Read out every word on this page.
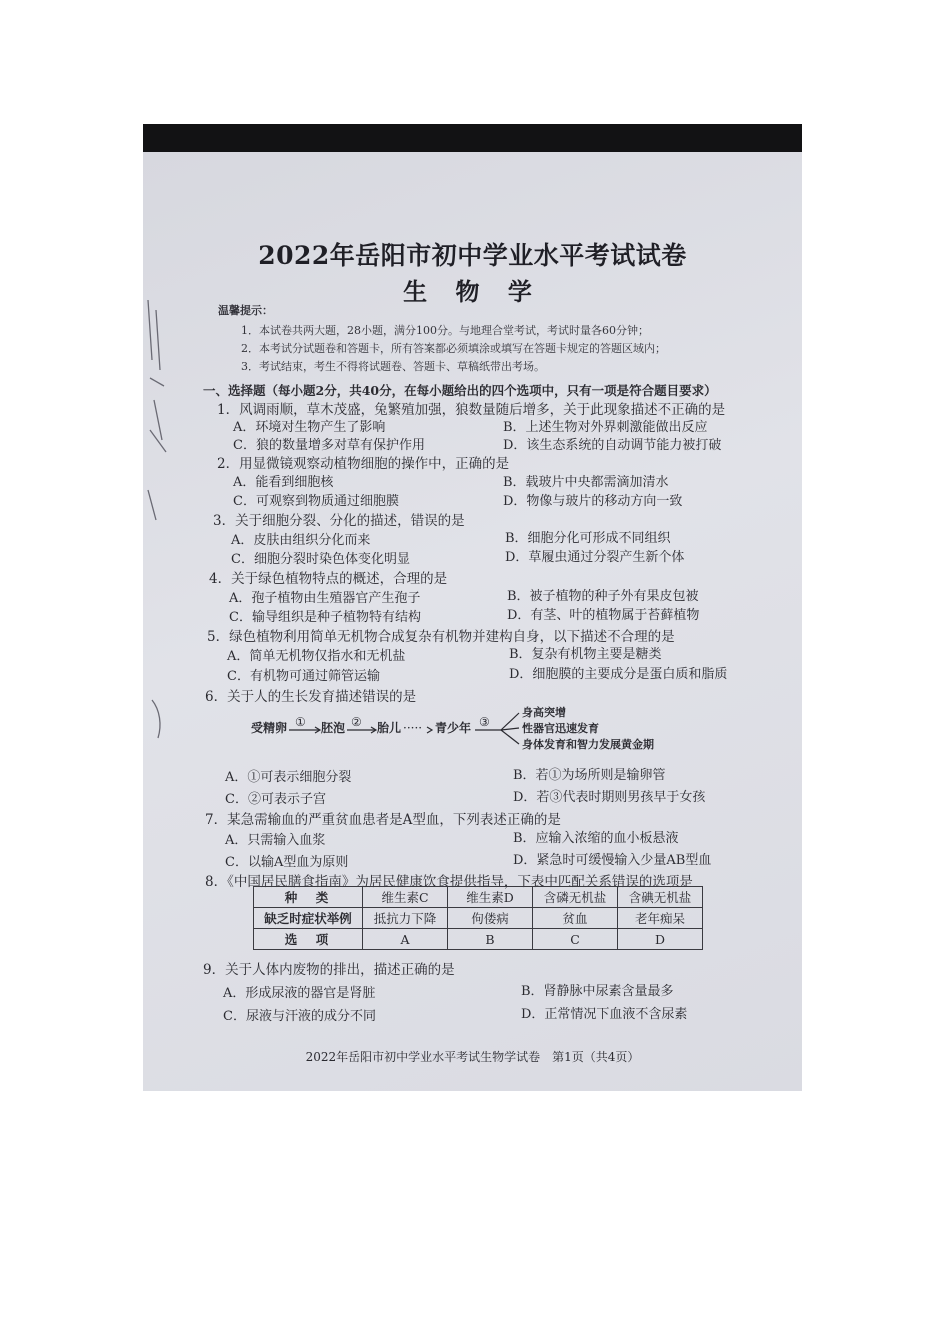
2022年岳阳市初中学业水平考试试卷
生 物 学
温馨提示：
1．本试卷共两大题，28小题，满分100分。与地理合堂考试，考试时量各60分钟；
2．本考试分试题卷和答题卡，所有答案都必须填涂或填写在答题卡规定的答题区域内；
3．考试结束，考生不得将试题卷、答题卡、草稿纸带出考场。
一、选择题（每小题2分，共40分，在每小题给出的四个选项中，只有一项是符合题目要求）
1．风调雨顺，草木茂盛，兔繁殖加强，狼数量随后增多，关于此现象描述不正确的是
A．环境对生物产生了影响	B．上述生物对外界刺激能做出反应
C．狼的数量增多对草有保护作用	D．该生态系统的自动调节能力被打破
2．用显微镜观察动植物细胞的操作中，正确的是
A．能看到细胞核	B．载玻片中央都需滴加清水
C．可观察到物质通过细胞膜	D．物像与玻片的移动方向一致
3．关于细胞分裂、分化的描述，错误的是
A．皮肤由组织分化而来	B．细胞分化可形成不同组织
C．细胞分裂时染色体变化明显	D．草履虫通过分裂产生新个体
4．关于绿色植物特点的概述，合理的是
A．孢子植物由生殖器官产生孢子	B．被子植物的种子外有果皮包被
C．输导组织是种子植物特有结构	D．有茎、叶的植物属于苔藓植物
5．绿色植物利用简单无机物合成复杂有机物并建构自身，以下描述不合理的是
A．简单无机物仅指水和无机盐	B．复杂有机物主要是糖类
C．有机物可通过筛管运输	D．细胞膜的主要成分是蛋白质和脂质
6．关于人的生长发育描述错误的是
受精卵 ① 胚泡 ② 胎儿 ····· 青少年 ③
身高突增
性器官迅速发育
身体发育和智力发展黄金期
A．①可表示细胞分裂	B．若①为场所则是输卵管
C．②可表示子宫	D．若③代表时期则男孩早于女孩
7．某急需输血的严重贫血患者是A型血，下列表述正确的是
A．只需输入血浆	B．应输入浓缩的血小板悬液
C．以输A型血为原则	D．紧急时可缓慢输入少量AB型血
8．《中国居民膳食指南》为居民健康饮食提供指导，下表中匹配关系错误的选项是
种　类	维生素C	维生素D	含磷无机盐	含碘无机盐
缺乏时症状举例	抵抗力下降	佝偻病	贫血	老年痴呆
选　项	A	B	C	D
9．关于人体内废物的排出，描述正确的是
A．形成尿液的器官是肾脏	B．肾静脉中尿素含量最多
C．尿液与汗液的成分不同	D．正常情况下血液不含尿素
2022年岳阳市初中学业水平考试生物学试卷　第1页（共4页）
